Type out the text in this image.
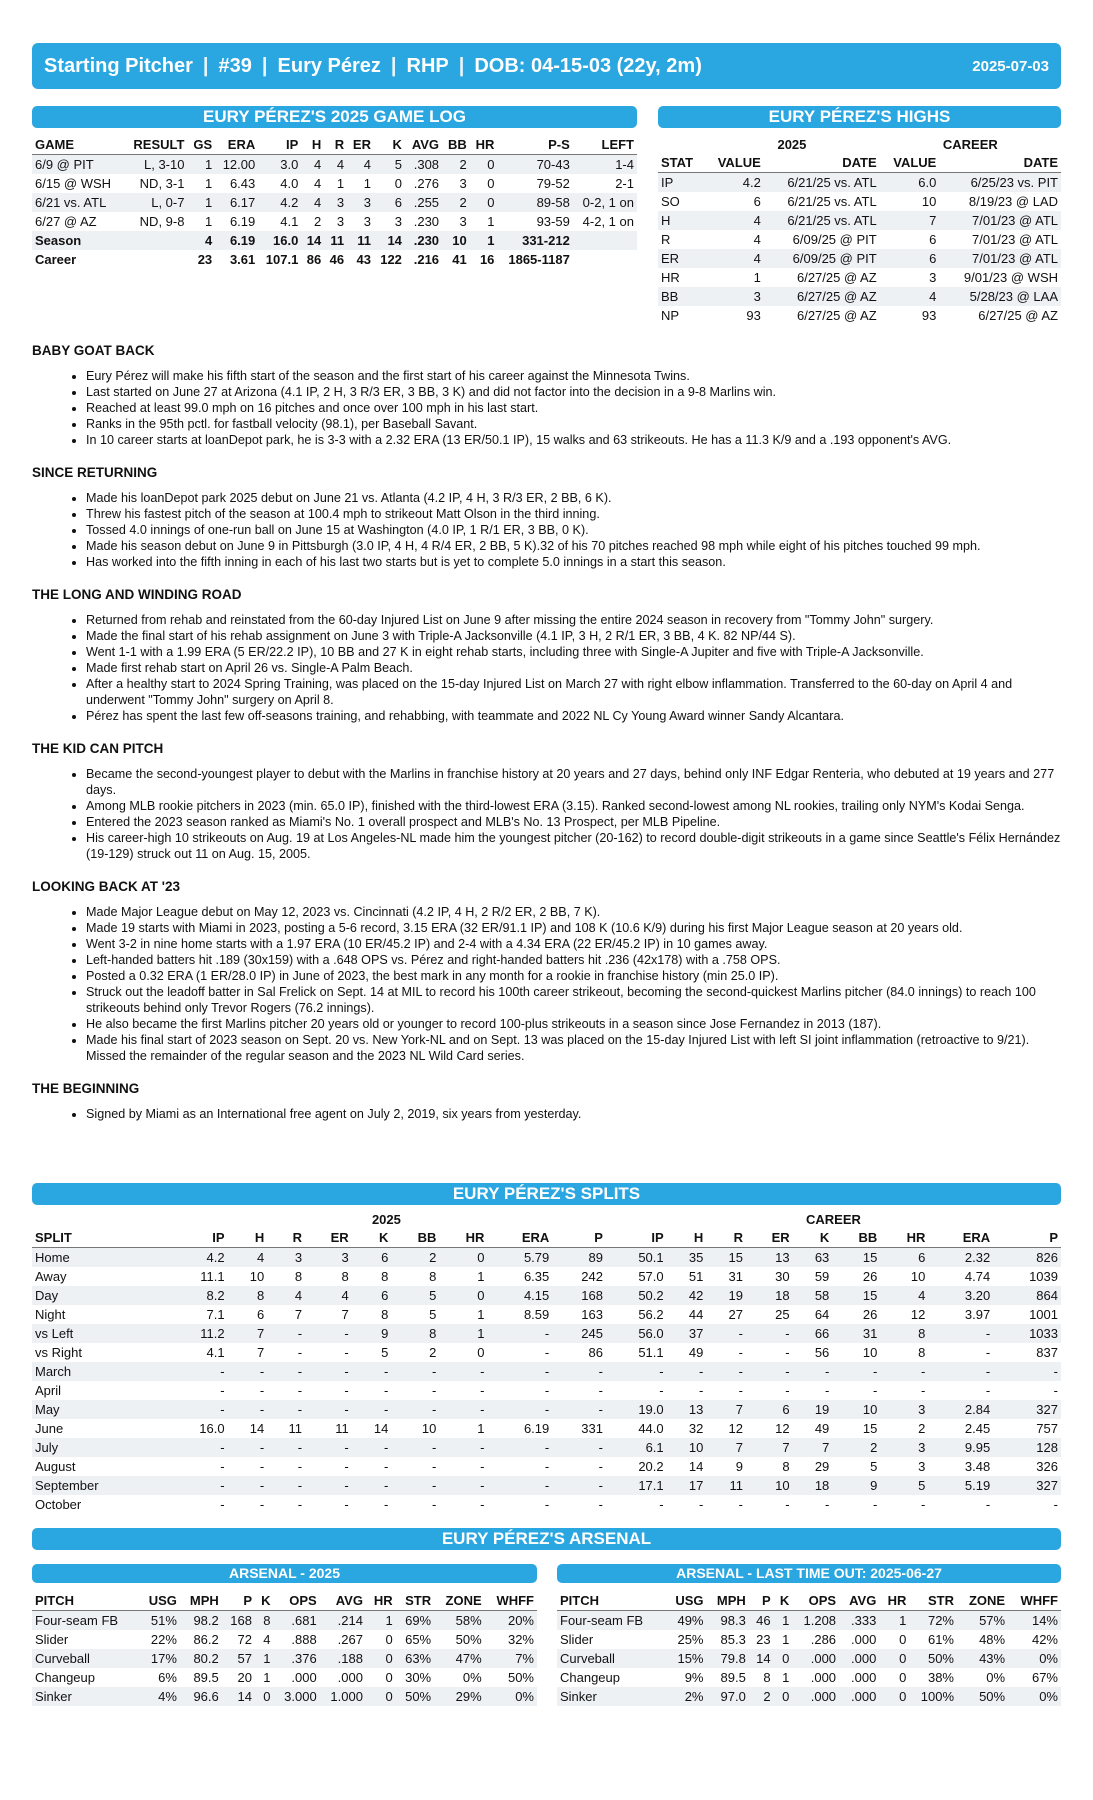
Starting Pitcher | #39 | Eury Pérez | RHP | DOB: 04-15-03 (22y, 2m)	2025-07-03
EURY PÉREZ'S 2025 GAME LOG
GAME	RESULT	GS	ERA	IP	H	R	ER	K	AVG	BB	HR	P-S	LEFT
6/9 @ PIT	L, 3-10	1	12.00	3.0	4	4	4	5	.308	2	0	70-43	1-4
6/15 @ WSH	ND, 3-1	1	6.43	4.0	4	1	1	0	.276	3	0	79-52	2-1
6/21 vs. ATL	L, 0-7	1	6.17	4.2	4	3	3	6	.255	2	0	89-58	0-2, 1 on
6/27 @ AZ	ND, 9-8	1	6.19	4.1	2	3	3	3	.230	3	1	93-59	4-2, 1 on
Season		4	6.19	16.0	14	11	11	14	.230	10	1	331-212	
Career		23	3.61	107.1	86	46	43	122	.216	41	16	1865-1187	
EURY PÉREZ'S HIGHS
	2025		CAREER	
STAT	VALUE	DATE	VALUE	DATE
IP	4.2	6/21/25 vs. ATL	6.0	6/25/23 vs. PIT
SO	6	6/21/25 vs. ATL	10	8/19/23 @ LAD
H	4	6/21/25 vs. ATL	7	7/01/23 @ ATL
R	4	6/09/25 @ PIT	6	7/01/23 @ ATL
ER	4	6/09/25 @ PIT	6	7/01/23 @ ATL
HR	1	6/27/25 @ AZ	3	9/01/23 @ WSH
BB	3	6/27/25 @ AZ	4	5/28/23 @ LAA
NP	93	6/27/25 @ AZ	93	6/27/25 @ AZ
BABY GOAT BACK
• Eury Pérez will make his fifth start of the season and the first start of his career against the Minnesota Twins.
• Last started on June 27 at Arizona (4.1 IP, 2 H, 3 R/3 ER, 3 BB, 3 K) and did not factor into the decision in a 9-8 Marlins win.
• Reached at least 99.0 mph on 16 pitches and once over 100 mph in his last start.
• Ranks in the 95th pctl. for fastball velocity (98.1), per Baseball Savant.
• In 10 career starts at loanDepot park, he is 3-3 with a 2.32 ERA (13 ER/50.1 IP), 15 walks and 63 strikeouts. He has a 11.3 K/9 and a .193 opponent's AVG.
SINCE RETURNING
• Made his loanDepot park 2025 debut on June 21 vs. Atlanta (4.2 IP, 4 H, 3 R/3 ER, 2 BB, 6 K).
• Threw his fastest pitch of the season at 100.4 mph to strikeout Matt Olson in the third inning.
• Tossed 4.0 innings of one-run ball on June 15 at Washington (4.0 IP, 1 R/1 ER, 3 BB, 0 K).
• Made his season debut on June 9 in Pittsburgh (3.0 IP, 4 H, 4 R/4 ER, 2 BB, 5 K).32 of his 70 pitches reached 98 mph while eight of his pitches touched 99 mph.
• Has worked into the fifth inning in each of his last two starts but is yet to complete 5.0 innings in a start this season.
THE LONG AND WINDING ROAD
• Returned from rehab and reinstated from the 60-day Injured List on June 9 after missing the entire 2024 season in recovery from "Tommy John" surgery.
• Made the final start of his rehab assignment on June 3 with Triple-A Jacksonville (4.1 IP, 3 H, 2 R/1 ER, 3 BB, 4 K. 82 NP/44 S).
• Went 1-1 with a 1.99 ERA (5 ER/22.2 IP), 10 BB and 27 K in eight rehab starts, including three with Single-A Jupiter and five with Triple-A Jacksonville.
• Made first rehab start on April 26 vs. Single-A Palm Beach.
• After a healthy start to 2024 Spring Training, was placed on the 15-day Injured List on March 27 with right elbow inflammation. Transferred to the 60-day on April 4 and underwent "Tommy John" surgery on April 8.
• Pérez has spent the last few off-seasons training, and rehabbing, with teammate and 2022 NL Cy Young Award winner Sandy Alcantara.
THE KID CAN PITCH
• Became the second-youngest player to debut with the Marlins in franchise history at 20 years and 27 days, behind only INF Edgar Renteria, who debuted at 19 years and 277 days.
• Among MLB rookie pitchers in 2023 (min. 65.0 IP), finished with the third-lowest ERA (3.15). Ranked second-lowest among NL rookies, trailing only NYM's Kodai Senga.
• Entered the 2023 season ranked as Miami's No. 1 overall prospect and MLB's No. 13 Prospect, per MLB Pipeline.
• His career-high 10 strikeouts on Aug. 19 at Los Angeles-NL made him the youngest pitcher (20-162) to record double-digit strikeouts in a game since Seattle's Félix Hernández (19-129) struck out 11 on Aug. 15, 2005.
LOOKING BACK AT '23
• Made Major League debut on May 12, 2023 vs. Cincinnati (4.2 IP, 4 H, 2 R/2 ER, 2 BB, 7 K).
• Made 19 starts with Miami in 2023, posting a 5-6 record, 3.15 ERA (32 ER/91.1 IP) and 108 K (10.6 K/9) during his first Major League season at 20 years old.
• Went 3-2 in nine home starts with a 1.97 ERA (10 ER/45.2 IP) and 2-4 with a 4.34 ERA (22 ER/45.2 IP) in 10 games away.
• Left-handed batters hit .189 (30x159) with a .648 OPS vs. Pérez and right-handed batters hit .236 (42x178) with a .758 OPS.
• Posted a 0.32 ERA (1 ER/28.0 IP) in June of 2023, the best mark in any month for a rookie in franchise history (min 25.0 IP).
• Struck out the leadoff batter in Sal Frelick on Sept. 14 at MIL to record his 100th career strikeout, becoming the second-quickest Marlins pitcher (84.0 innings) to reach 100 strikeouts behind only Trevor Rogers (76.2 innings).
• He also became the first Marlins pitcher 20 years old or younger to record 100-plus strikeouts in a season since Jose Fernandez in 2013 (187).
• Made his final start of 2023 season on Sept. 20 vs. New York-NL and on Sept. 13 was placed on the 15-day Injured List with left SI joint inflammation (retroactive to 9/21). Missed the remainder of the regular season and the 2023 NL Wild Card series.
THE BEGINNING
• Signed by Miami as an International free agent on July 2, 2019, six years from yesterday.
EURY PÉREZ'S SPLITS
	2025									CAREER								
SPLIT	IP	H	R	ER	K	BB	HR	ERA	P	IP	H	R	ER	K	BB	HR	ERA	P
Home	4.2	4	3	3	6	2	0	5.79	89	50.1	35	15	13	63	15	6	2.32	826
Away	11.1	10	8	8	8	8	1	6.35	242	57.0	51	31	30	59	26	10	4.74	1039
Day	8.2	8	4	4	6	5	0	4.15	168	50.2	42	19	18	58	15	4	3.20	864
Night	7.1	6	7	7	8	5	1	8.59	163	56.2	44	27	25	64	26	12	3.97	1001
vs Left	11.2	7	-	-	9	8	1	-	245	56.0	37	-	-	66	31	8	-	1033
vs Right	4.1	7	-	-	5	2	0	-	86	51.1	49	-	-	56	10	8	-	837
March	-	-	-	-	-	-	-	-	-	-	-	-	-	-	-	-	-	-
April	-	-	-	-	-	-	-	-	-	-	-	-	-	-	-	-	-	-
May	-	-	-	-	-	-	-	-	-	19.0	13	7	6	19	10	3	2.84	327
June	16.0	14	11	11	14	10	1	6.19	331	44.0	32	12	12	49	15	2	2.45	757
July	-	-	-	-	-	-	-	-	-	6.1	10	7	7	7	2	3	9.95	128
August	-	-	-	-	-	-	-	-	-	20.2	14	9	8	29	5	3	3.48	326
September	-	-	-	-	-	-	-	-	-	17.1	17	11	10	18	9	5	5.19	327
October	-	-	-	-	-	-	-	-	-	-	-	-	-	-	-	-	-	-
EURY PÉREZ'S ARSENAL
ARSENAL - 2025
PITCH	USG	MPH	P	K	OPS	AVG	HR	STR	ZONE	WHFF
Four-seam FB	51%	98.2	168	8	.681	.214	1	69%	58%	20%
Slider	22%	86.2	72	4	.888	.267	0	65%	50%	32%
Curveball	17%	80.2	57	1	.376	.188	0	63%	47%	7%
Changeup	6%	89.5	20	1	.000	.000	0	30%	0%	50%
Sinker	4%	96.6	14	0	3.000	1.000	0	50%	29%	0%
ARSENAL - LAST TIME OUT: 2025-06-27
PITCH	USG	MPH	P	K	OPS	AVG	HR	STR	ZONE	WHFF
Four-seam FB	49%	98.3	46	1	1.208	.333	1	72%	57%	14%
Slider	25%	85.3	23	1	.286	.000	0	61%	48%	42%
Curveball	15%	79.8	14	0	.000	.000	0	50%	43%	0%
Changeup	9%	89.5	8	1	.000	.000	0	38%	0%	67%
Sinker	2%	97.0	2	0	.000	.000	0	100%	50%	0%
